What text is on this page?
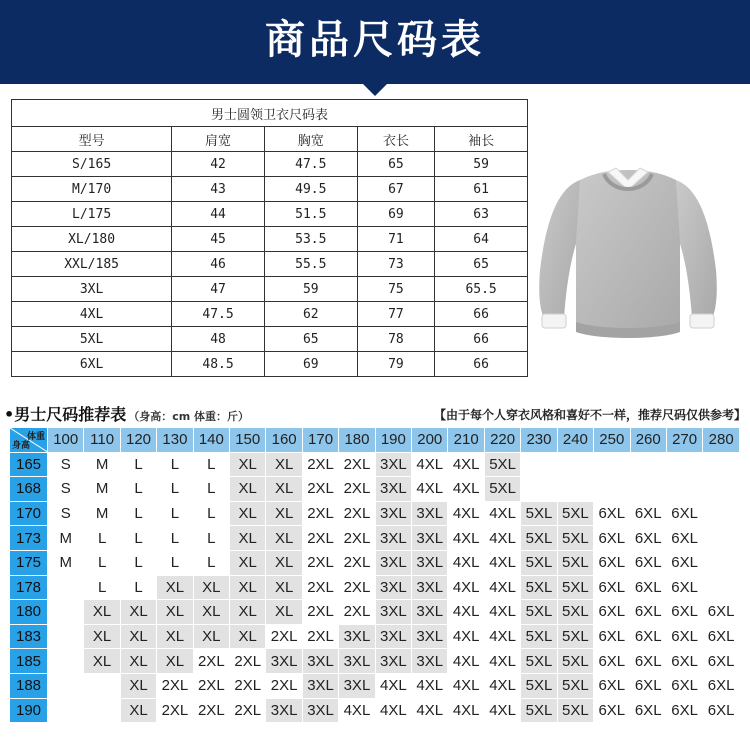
商品尺码表
男士圆领卫衣尺码表				
型号	肩宽	胸宽	衣长	袖长
S/165	42	47.5	65	59
M/170	43	49.5	67	61
L/175	44	51.5	69	63
XL/180	45	53.5	71	64
XXL/185	46	55.5	73	65
3XL	47	59	75	65.5
4XL	47.5	62	77	66
5XL	48	65	78	66
6XL	48.5	69	79	66
•男士尺码推荐表 （身高：cm 体重：斤）	【由于每个人穿衣风格和喜好不一样，推荐尺码仅供参考】
体重
身高	100	110	120	130	140	150	160	170	180	190	200	210	220	230	240	250	260	270	280
165	S	M	L	L	L	XL	XL	2XL	2XL	3XL	4XL	4XL	5XL						
168	S	M	L	L	L	XL	XL	2XL	2XL	3XL	4XL	4XL	5XL						
170	S	M	L	L	L	XL	XL	2XL	2XL	3XL	3XL	4XL	4XL	5XL	5XL	6XL	6XL	6XL	
173	M	L	L	L	L	XL	XL	2XL	2XL	3XL	3XL	4XL	4XL	5XL	5XL	6XL	6XL	6XL	
175	M	L	L	L	L	XL	XL	2XL	2XL	3XL	3XL	4XL	4XL	5XL	5XL	6XL	6XL	6XL	
178		L	L	XL	XL	XL	XL	2XL	2XL	3XL	3XL	4XL	4XL	5XL	5XL	6XL	6XL	6XL	
180		XL	XL	XL	XL	XL	XL	2XL	2XL	3XL	3XL	4XL	4XL	5XL	5XL	6XL	6XL	6XL	6XL
183		XL	XL	XL	XL	XL	2XL	2XL	3XL	3XL	3XL	4XL	4XL	5XL	5XL	6XL	6XL	6XL	6XL
185		XL	XL	XL	2XL	2XL	3XL	3XL	3XL	3XL	3XL	4XL	4XL	5XL	5XL	6XL	6XL	6XL	6XL
188			XL	2XL	2XL	2XL	2XL	3XL	3XL	4XL	4XL	4XL	4XL	5XL	5XL	6XL	6XL	6XL	6XL
190			XL	2XL	2XL	2XL	3XL	3XL	4XL	4XL	4XL	4XL	4XL	5XL	5XL	6XL	6XL	6XL	6XL
